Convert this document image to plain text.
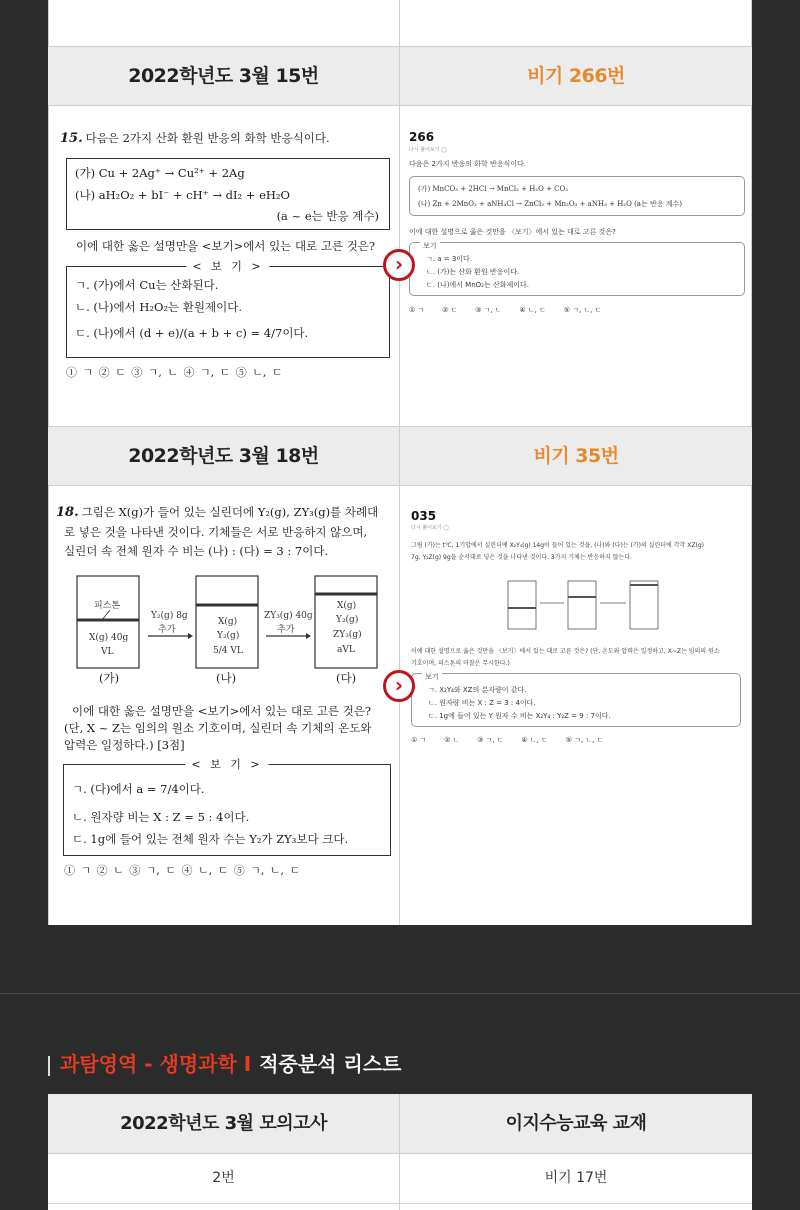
2022학년도 3월 15번	비기 266번
15. 다음은 2가지 산화 환원 반응의 화학 반응식이다.
(가) Cu + 2Ag⁺ → Cu²⁺ + 2Ag
(나) aH₂O₂ + bI⁻ + cH⁺ → dI₂ + eH₂O
(a ~ e는 반응 계수)
이에 대한 옳은 설명만을 <보기>에서 있는 대로 고른 것은?
< 보 기 >
ㄱ. (가)에서 Cu는 산화된다.
ㄴ. (나)에서 H₂O₂는 환원제이다.
ㄷ. (나)에서 (d + e)/(a + b + c) = 4/7이다.
① ㄱ ② ㄷ ③ ㄱ, ㄴ ④ ㄱ, ㄷ ⑤ ㄴ, ㄷ
266
다시 풀어보기 ◯
다음은 2가지 반응의 화학 반응식이다.
(가) MnCO₃ + 2HCl → MnCl₂ + H₂O + CO₂
(나) Zn + 2MnO₂ + aNH₄Cl → ZnCl₂ + Mn₂O₃ + aNH₃ + H₂O (a는 반응 계수)
이에 대한 설명으로 옳은 것만을 〈보기〉에서 있는 대로 고른 것은?
보기
ㄱ. a = 3이다.
ㄴ. (가)는 산화 환원 반응이다.
ㄷ. (나)에서 MnO₂는 산화제이다.
① ㄱ        ② ㄷ        ③ ㄱ, ㄴ        ④ ㄴ, ㄷ        ⑤ ㄱ, ㄴ, ㄷ
›
2022학년도 3월 18번	비기 35번
18. 그림은 X(g)가 들어 있는 실린더에 Y₂(g), ZY₃(g)를 차례대
로 넣은 것을 나타낸 것이다. 기체들은 서로 반응하지 않으며,
실린더 속 전체 원자 수 비는 (나) : (다) = 3 : 7이다.
피스톤
X(g) 40g
VL
Y₂(g) 8g
추가
X(g)
Y₂(g)
5/4 VL
ZY₃(g) 40g
추가
X(g)
Y₂(g)
ZY₃(g)
aVL
(가)	(나)	(다)
이에 대한 옳은 설명만을 <보기>에서 있는 대로 고른 것은?
(단, X ~ Z는 임의의 원소 기호이며, 실린더 속 기체의 온도와
압력은 일정하다.) [3점]
< 보 기 >
ㄱ. (다)에서 a = 7/4이다.
ㄴ. 원자량 비는 X : Z = 5 : 4이다.
ㄷ. 1g에 들어 있는 전체 원자 수는 Y₂가 ZY₃보다 크다.
① ㄱ ② ㄴ ③ ㄱ, ㄷ ④ ㄴ, ㄷ ⑤ ㄱ, ㄴ, ㄷ
035
다시 풀어보기 ◯
그림 (가)는 t℃, 1기압에서 실린더에 X₂Y₄(g) 14g이 들어 있는 것을, (나)와 (다)는 (가)의 실린더에 각각 XZ(g)
7g, Y₂Z(g) 9g을 순서대로 넣은 것을 나타낸 것이다. 3가지 기체는 반응하지 않는다.
이에 대한 설명으로 옳은 것만을 〈보기〉에서 있는 대로 고른 것은? (단, 온도와 압력은 일정하고, X~Z는 임의의 원소
기호이며, 피스톤의 마찰은 무시한다.)
보기
ㄱ. X₂Y₄와 XZ의 분자량이 같다.
ㄴ. 원자량 비는 X : Z = 3 : 4이다.
ㄷ. 1g에 들어 있는 Y 원자 수 비는 X₂Y₄ : Y₂Z = 9 : 7이다.
① ㄱ        ② ㄴ        ③ ㄱ, ㄷ        ④ ㄴ, ㄷ        ⑤ ㄱ, ㄴ, ㄷ
›
과탐영역 - 생명과학 I 적중분석 리스트
2022학년도 3월 모의고사	이지수능교육 교재
2번	비기 17번
